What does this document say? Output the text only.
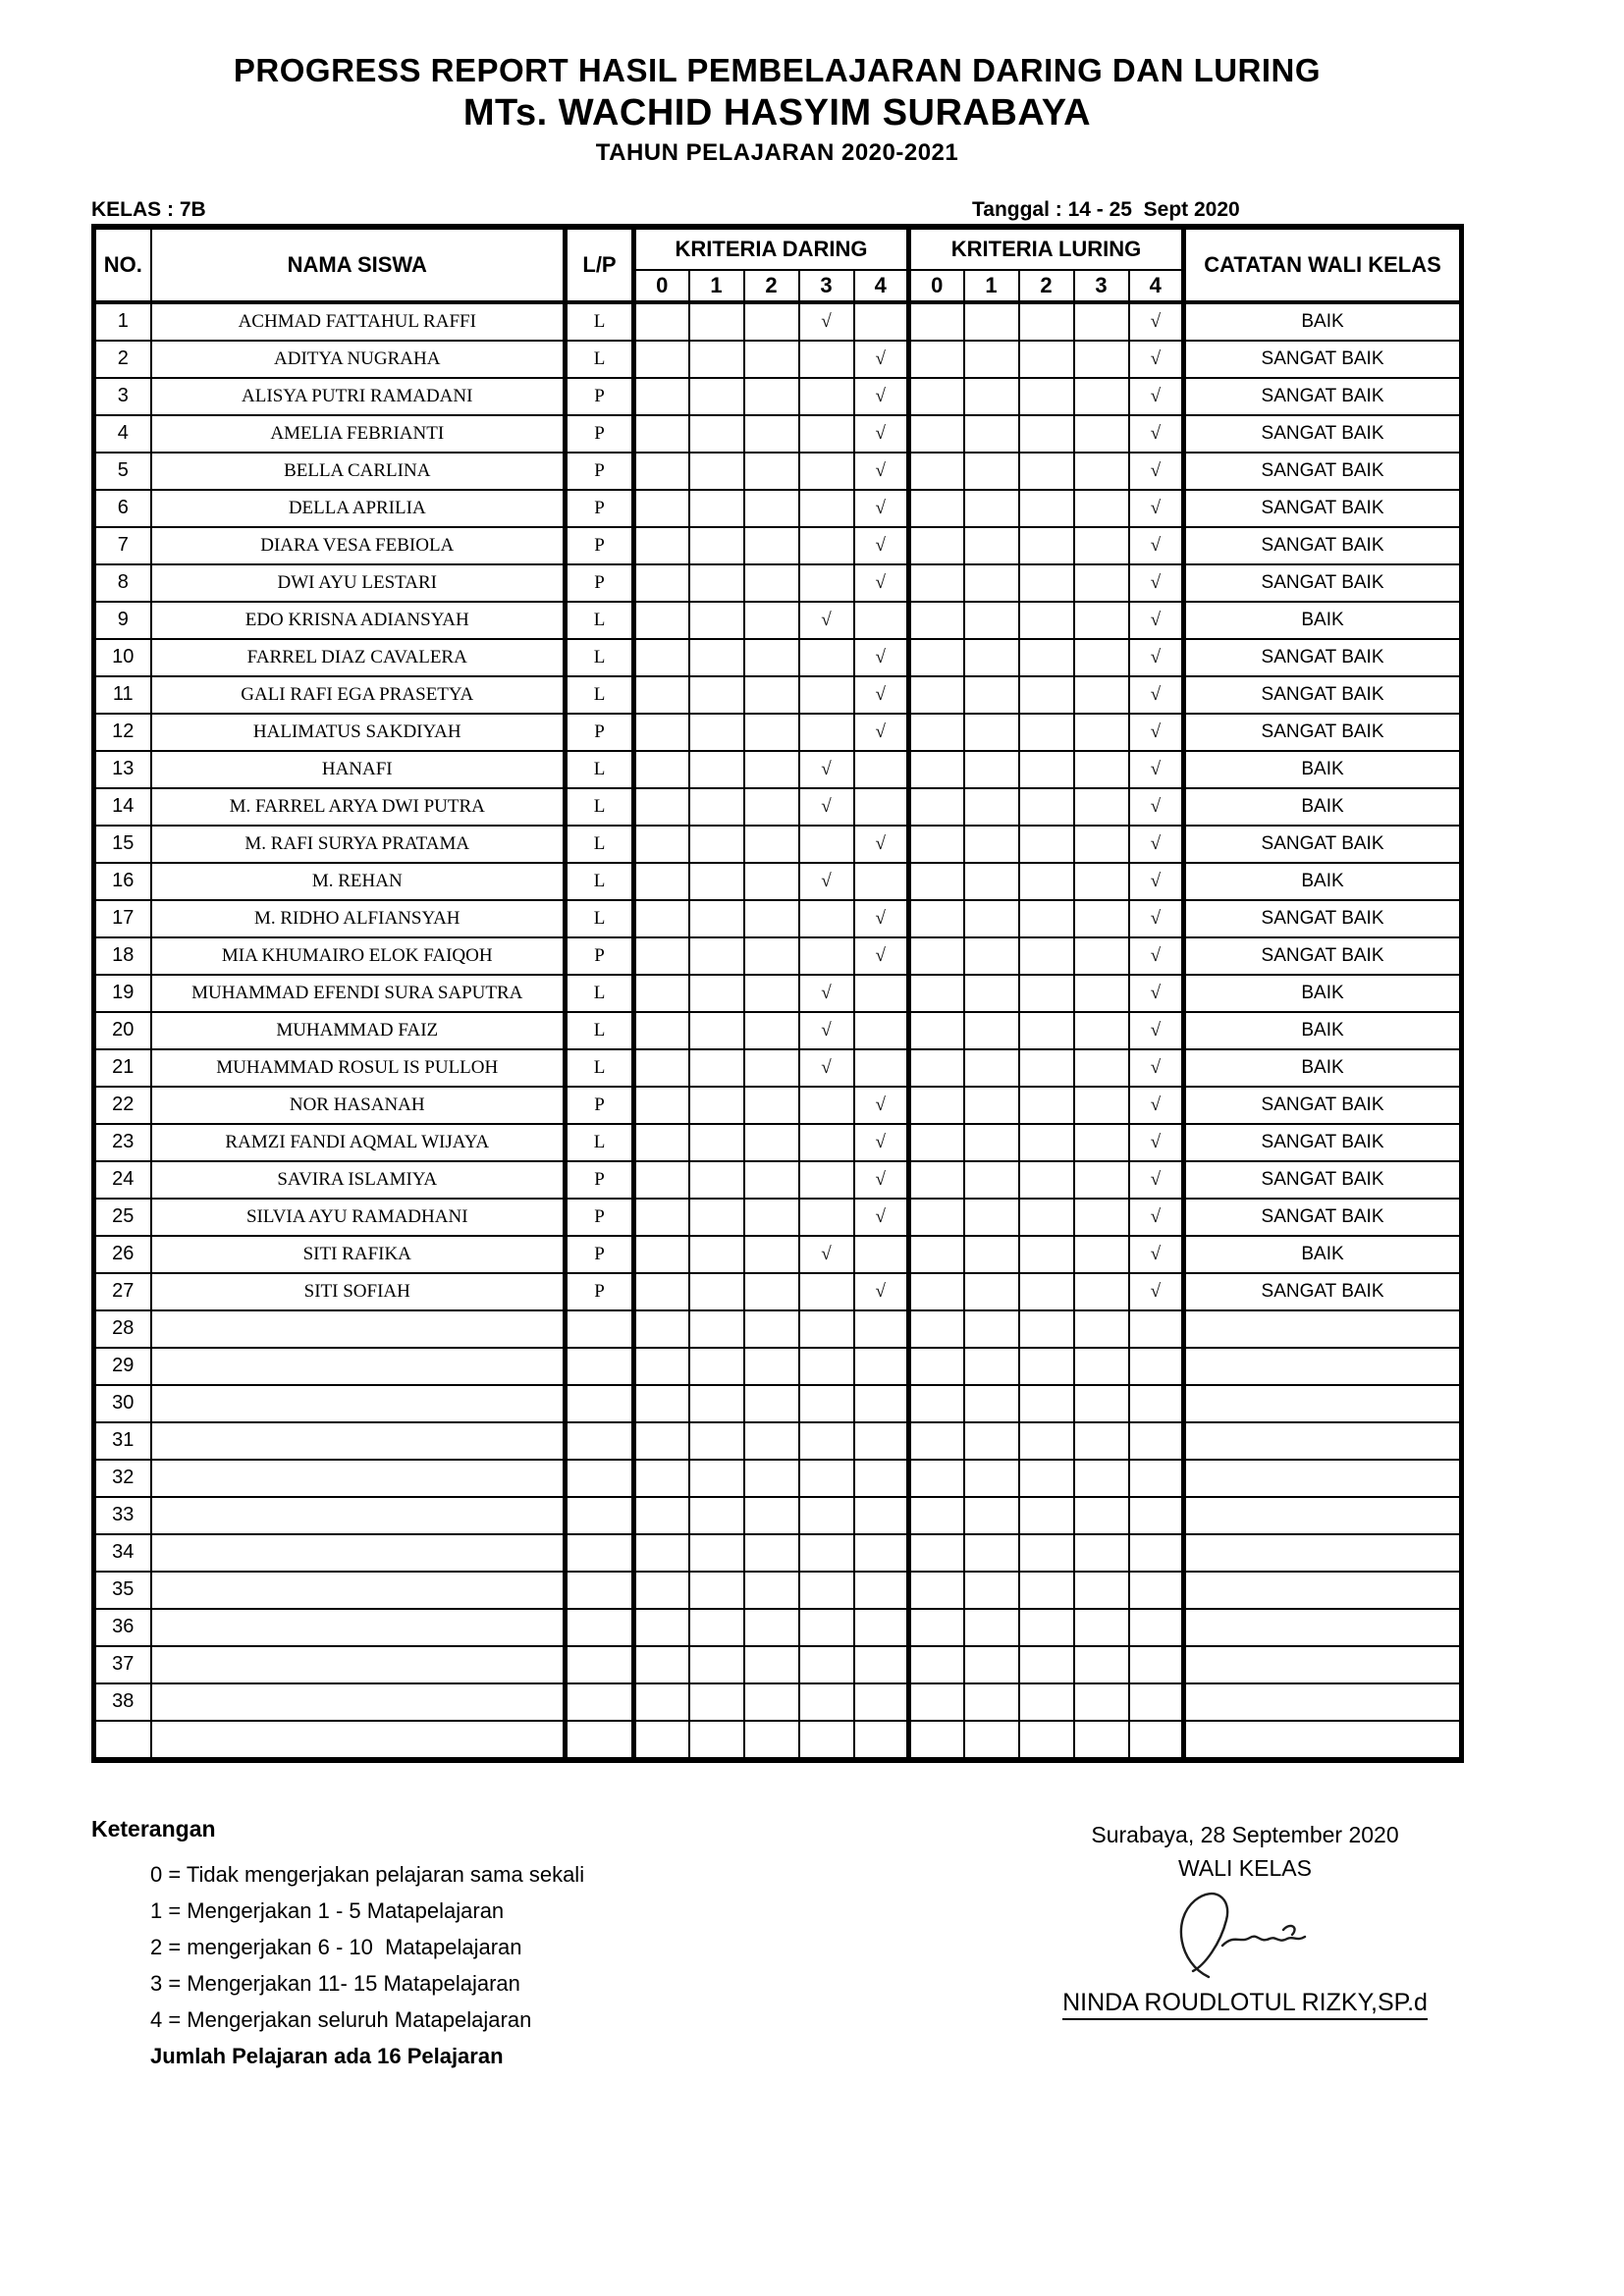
PROGRESS REPORT HASIL PEMBELAJARAN DARING DAN LURING
MTs. WACHID HASYIM SURABAYA
TAHUN PELAJARAN 2020-2021
KELAS : 7B	Tanggal : 14 - 25  Sept 2020
NO.	NAMA SISWA	L/P	KRITERIA DARING					KRITERIA LURING					CATATAN WALI KELAS
			0	1	2	3	4	0	1	2	3	4	
1	ACHMAD FATTAHUL RAFFI	L				√						√	BAIK
2	ADITYA NUGRAHA	L					√					√	SANGAT BAIK
3	ALISYA PUTRI RAMADANI	P					√					√	SANGAT BAIK
4	AMELIA FEBRIANTI	P					√					√	SANGAT BAIK
5	BELLA CARLINA	P					√					√	SANGAT BAIK
6	DELLA APRILIA	P					√					√	SANGAT BAIK
7	DIARA VESA FEBIOLA	P					√					√	SANGAT BAIK
8	DWI AYU LESTARI	P					√					√	SANGAT BAIK
9	EDO KRISNA ADIANSYAH	L				√						√	BAIK
10	FARREL DIAZ CAVALERA	L					√					√	SANGAT BAIK
11	GALI RAFI EGA PRASETYA	L					√					√	SANGAT BAIK
12	HALIMATUS SAKDIYAH	P					√					√	SANGAT BAIK
13	HANAFI	L				√						√	BAIK
14	M. FARREL ARYA DWI PUTRA	L				√						√	BAIK
15	M. RAFI SURYA PRATAMA	L					√					√	SANGAT BAIK
16	M. REHAN	L				√						√	BAIK
17	M. RIDHO ALFIANSYAH	L					√					√	SANGAT BAIK
18	MIA KHUMAIRO ELOK FAIQOH	P					√					√	SANGAT BAIK
19	MUHAMMAD EFENDI SURA SAPUTRA	L				√						√	BAIK
20	MUHAMMAD FAIZ	L				√						√	BAIK
21	MUHAMMAD ROSUL IS PULLOH	L				√						√	BAIK
22	NOR HASANAH	P					√					√	SANGAT BAIK
23	RAMZI FANDI AQMAL WIJAYA	L					√					√	SANGAT BAIK
24	SAVIRA ISLAMIYA	P					√					√	SANGAT BAIK
25	SILVIA AYU RAMADHANI	P					√					√	SANGAT BAIK
26	SITI RAFIKA	P				√						√	BAIK
27	SITI SOFIAH	P					√					√	SANGAT BAIK
28													
29													
30													
31													
32													
33													
34													
35													
36													
37													
38													

Keterangan
0 = Tidak mengerjakan pelajaran sama sekali
1 = Mengerjakan 1 - 5 Matapelajaran
2 = mengerjakan 6 - 10  Matapelajaran
3 = Mengerjakan 11- 15 Matapelajaran
4 = Mengerjakan seluruh Matapelajaran
Jumlah Pelajaran ada 16 Pelajaran
Surabaya, 28 September 2020
WALI KELAS
NINDA ROUDLOTUL RIZKY,SP.d
